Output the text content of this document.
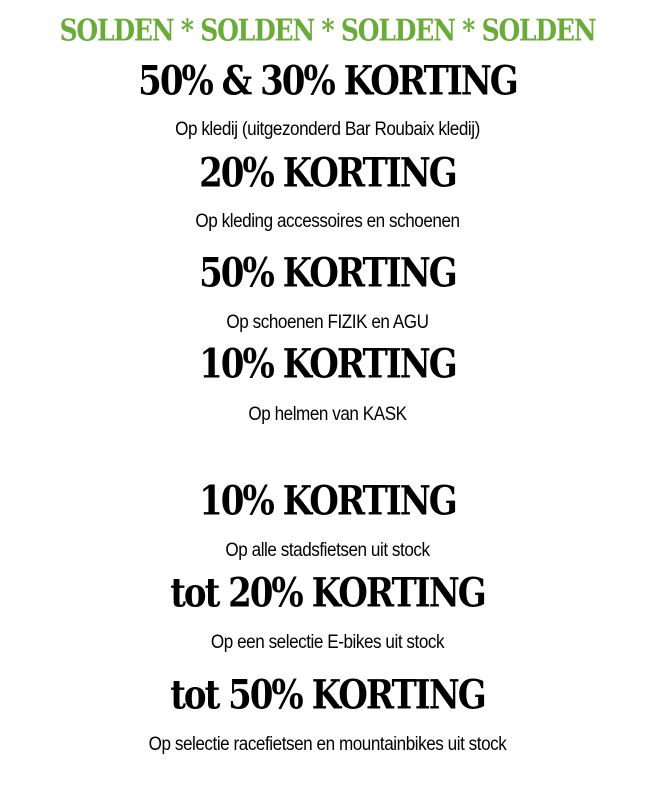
SOLDEN * SOLDEN * SOLDEN * SOLDEN
50% & 30% KORTING
Op kledij (uitgezonderd Bar Roubaix kledij)
20% KORTING
Op kleding accessoires en schoenen
50% KORTING
Op schoenen FIZIK en AGU
10% KORTING
Op helmen van KASK
10% KORTING
Op alle stadsfietsen uit stock
tot 20% KORTING
Op een selectie E-bikes uit stock
tot 50% KORTING
Op selectie racefietsen en mountainbikes uit stock
